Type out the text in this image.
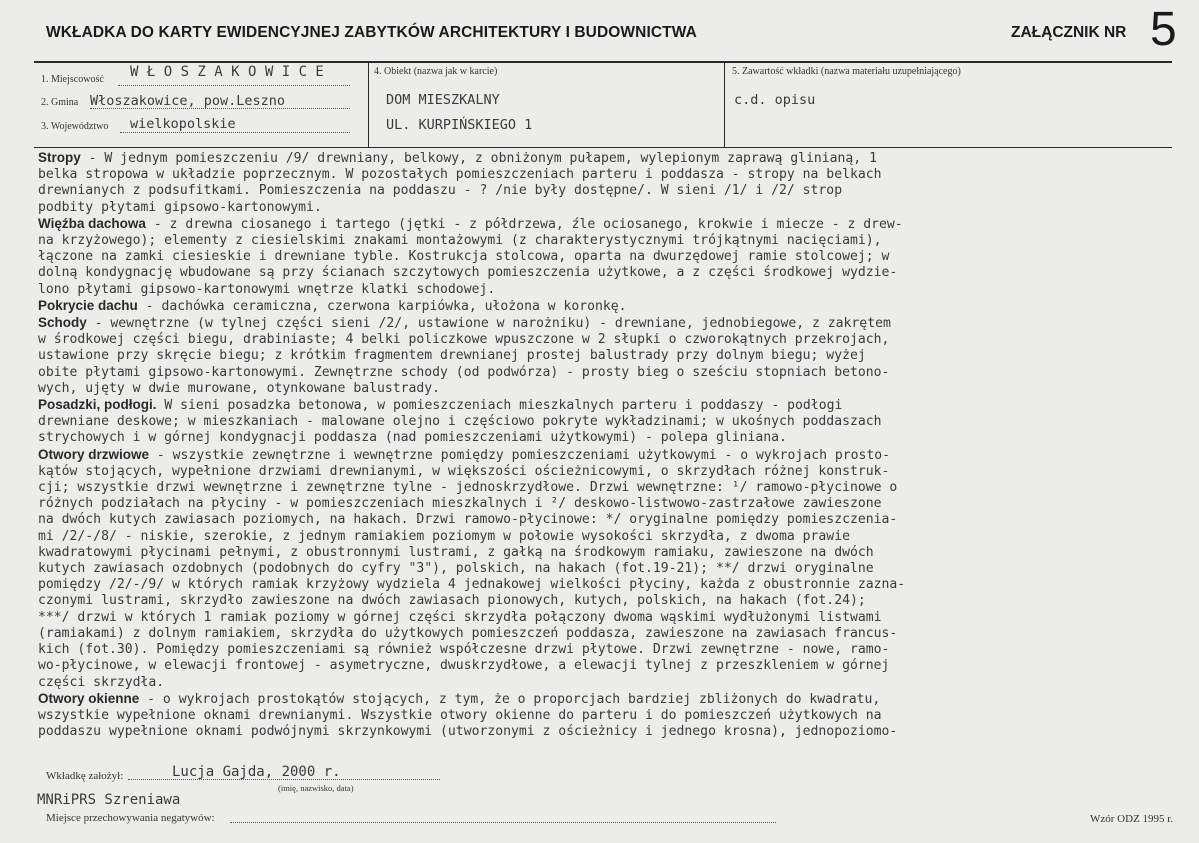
WKŁADKA DO KARTY EWIDENCYJNEJ ZABYTKÓW ARCHITEKTURY I BUDOWNICTWA	ZAŁĄCZNIK NR 5
1. Miejscowość W Ł O S Z A K O W I C E
2. Gmina Włoszakowice, pow.Leszno
3. Województwo wielkopolskie
4. Obiekt (nazwa jak w karcie)
DOM MIESZKALNY
UL. KURPIŃSKIEGO 1
5. Zawartość wkładki (nazwa materiału uzupełniającego)
c.d. opisu
Stropy - W jednym pomieszczeniu /9/ drewniany, belkowy, z obniżonym pułapem, wylepionym zaprawą glinianą, 1
belka stropowa w układzie poprzecznym. W pozostałych pomieszczeniach parteru i poddasza - stropy na belkach
drewnianych z podsufitkami. Pomieszczenia na poddaszu - ? /nie były dostępne/. W sieni /1/ i /2/ strop
podbity płytami gipsowo-kartonowymi.
Więźba dachowa - z drewna ciosanego i tartego (jętki - z półdrzewa, źle ociosanego, krokwie i miecze - z drew-
na krzyżowego); elementy z ciesielskimi znakami montażowymi (z charakterystycznymi trójkątnymi nacięciami),
łączone na zamki ciesieskie i drewniane tyble. Kostrukcja stolcowa, oparta na dwurzędowej ramie stolcowej; w
dolną kondygnację wbudowane są przy ścianach szczytowych pomieszczenia użytkowe, a z części środkowej wydzie-
lono płytami gipsowo-kartonowymi wnętrze klatki schodowej.
Pokrycie dachu - dachówka ceramiczna, czerwona karpiówka, ułożona w koronkę.
Schody - wewnętrzne (w tylnej części sieni /2/, ustawione w narożniku) - drewniane, jednobiegowe, z zakrętem
w środkowej części biegu, drabiniaste; 4 belki policzkowe wpuszczone w 2 słupki o czworokątnych przekrojach,
ustawione przy skręcie biegu; z krótkim fragmentem drewnianej prostej balustrady przy dolnym biegu; wyżej
obite płytami gipsowo-kartonowymi. Zewnętrzne schody (od podwórza) - prosty bieg o sześciu stopniach betono-
wych, ujęty w dwie murowane, otynkowane balustrady.
Posadzki, podłogi. W sieni posadzka betonowa, w pomieszczeniach mieszkalnych parteru i poddaszy - podłogi
drewniane deskowe; w mieszkaniach - malowane olejno i częściowo pokryte wykładzinami; w ukośnych poddaszach
strychowych i w górnej kondygnacji poddasza (nad pomieszczeniami użytkowymi) - polepa gliniana.
Otwory drzwiowe - wszystkie zewnętrzne i wewnętrzne pomiędzy pomieszczeniami użytkowymi - o wykrojach prosto-
kątów stojących, wypełnione drzwiami drewnianymi, w większości ościeżnicowymi, o skrzydłach różnej konstruk-
cji; wszystkie drzwi wewnętrzne i zewnętrzne tylne - jednoskrzydłowe. Drzwi wewnętrzne: ¹/ ramowo-płycinowe o
różnych podziałach na płyciny - w pomieszczeniach mieszkalnych i ²/ deskowo-listwowo-zastrzałowe zawieszone
na dwóch kutych zawiasach poziomych, na hakach. Drzwi ramowo-płycinowe: */ oryginalne pomiędzy pomieszczenia-
mi /2/-/8/ - niskie, szerokie, z jednym ramiakiem poziomym w połowie wysokości skrzydła, z dwoma prawie
kwadratowymi płycinami pełnymi, z obustronnymi lustrami, z gałką na środkowym ramiaku, zawieszone na dwóch
kutych zawiasach ozdobnych (podobnych do cyfry "3"), polskich, na hakach (fot.19-21); **/ drzwi oryginalne
pomiędzy /2/-/9/ w których ramiak krzyżowy wydziela 4 jednakowej wielkości płyciny, każda z obustronnie zazna-
czonymi lustrami, skrzydło zawieszone na dwóch zawiasach pionowych, kutych, polskich, na hakach (fot.24);
***/ drzwi w których 1 ramiak poziomy w górnej części skrzydła połączony dwoma wąskimi wydłużonymi listwami
(ramiakami) z dolnym ramiakiem, skrzydła do użytkowych pomieszczeń poddasza, zawieszone na zawiasach francus-
kich (fot.30). Pomiędzy pomieszczeniami są również współczesne drzwi płytowe. Drzwi zewnętrzne - nowe, ramo-
wo-płycinowe, w elewacji frontowej - asymetryczne, dwuskrzydłowe, a elewacji tylnej z przeszkleniem w górnej
części skrzydła.
Otwory okienne - o wykrojach prostokątów stojących, z tym, że o proporcjach bardziej zbliżonych do kwadratu,
wszystkie wypełnione oknami drewnianymi. Wszystkie otwory okienne do parteru i do pomieszczeń użytkowych na
poddaszu wypełnione oknami podwójnymi skrzynkowymi (utworzonymi z ościeżnicy i jednego krosna), jednopoziomo-
Wkładkę założył:	Lucja Gajda, 2000 r.
(imię, nazwisko, data)
MNRiPRS Szreniawa
Miejsce przechowywania negatywów:	Wzór ODZ 1995 r.
